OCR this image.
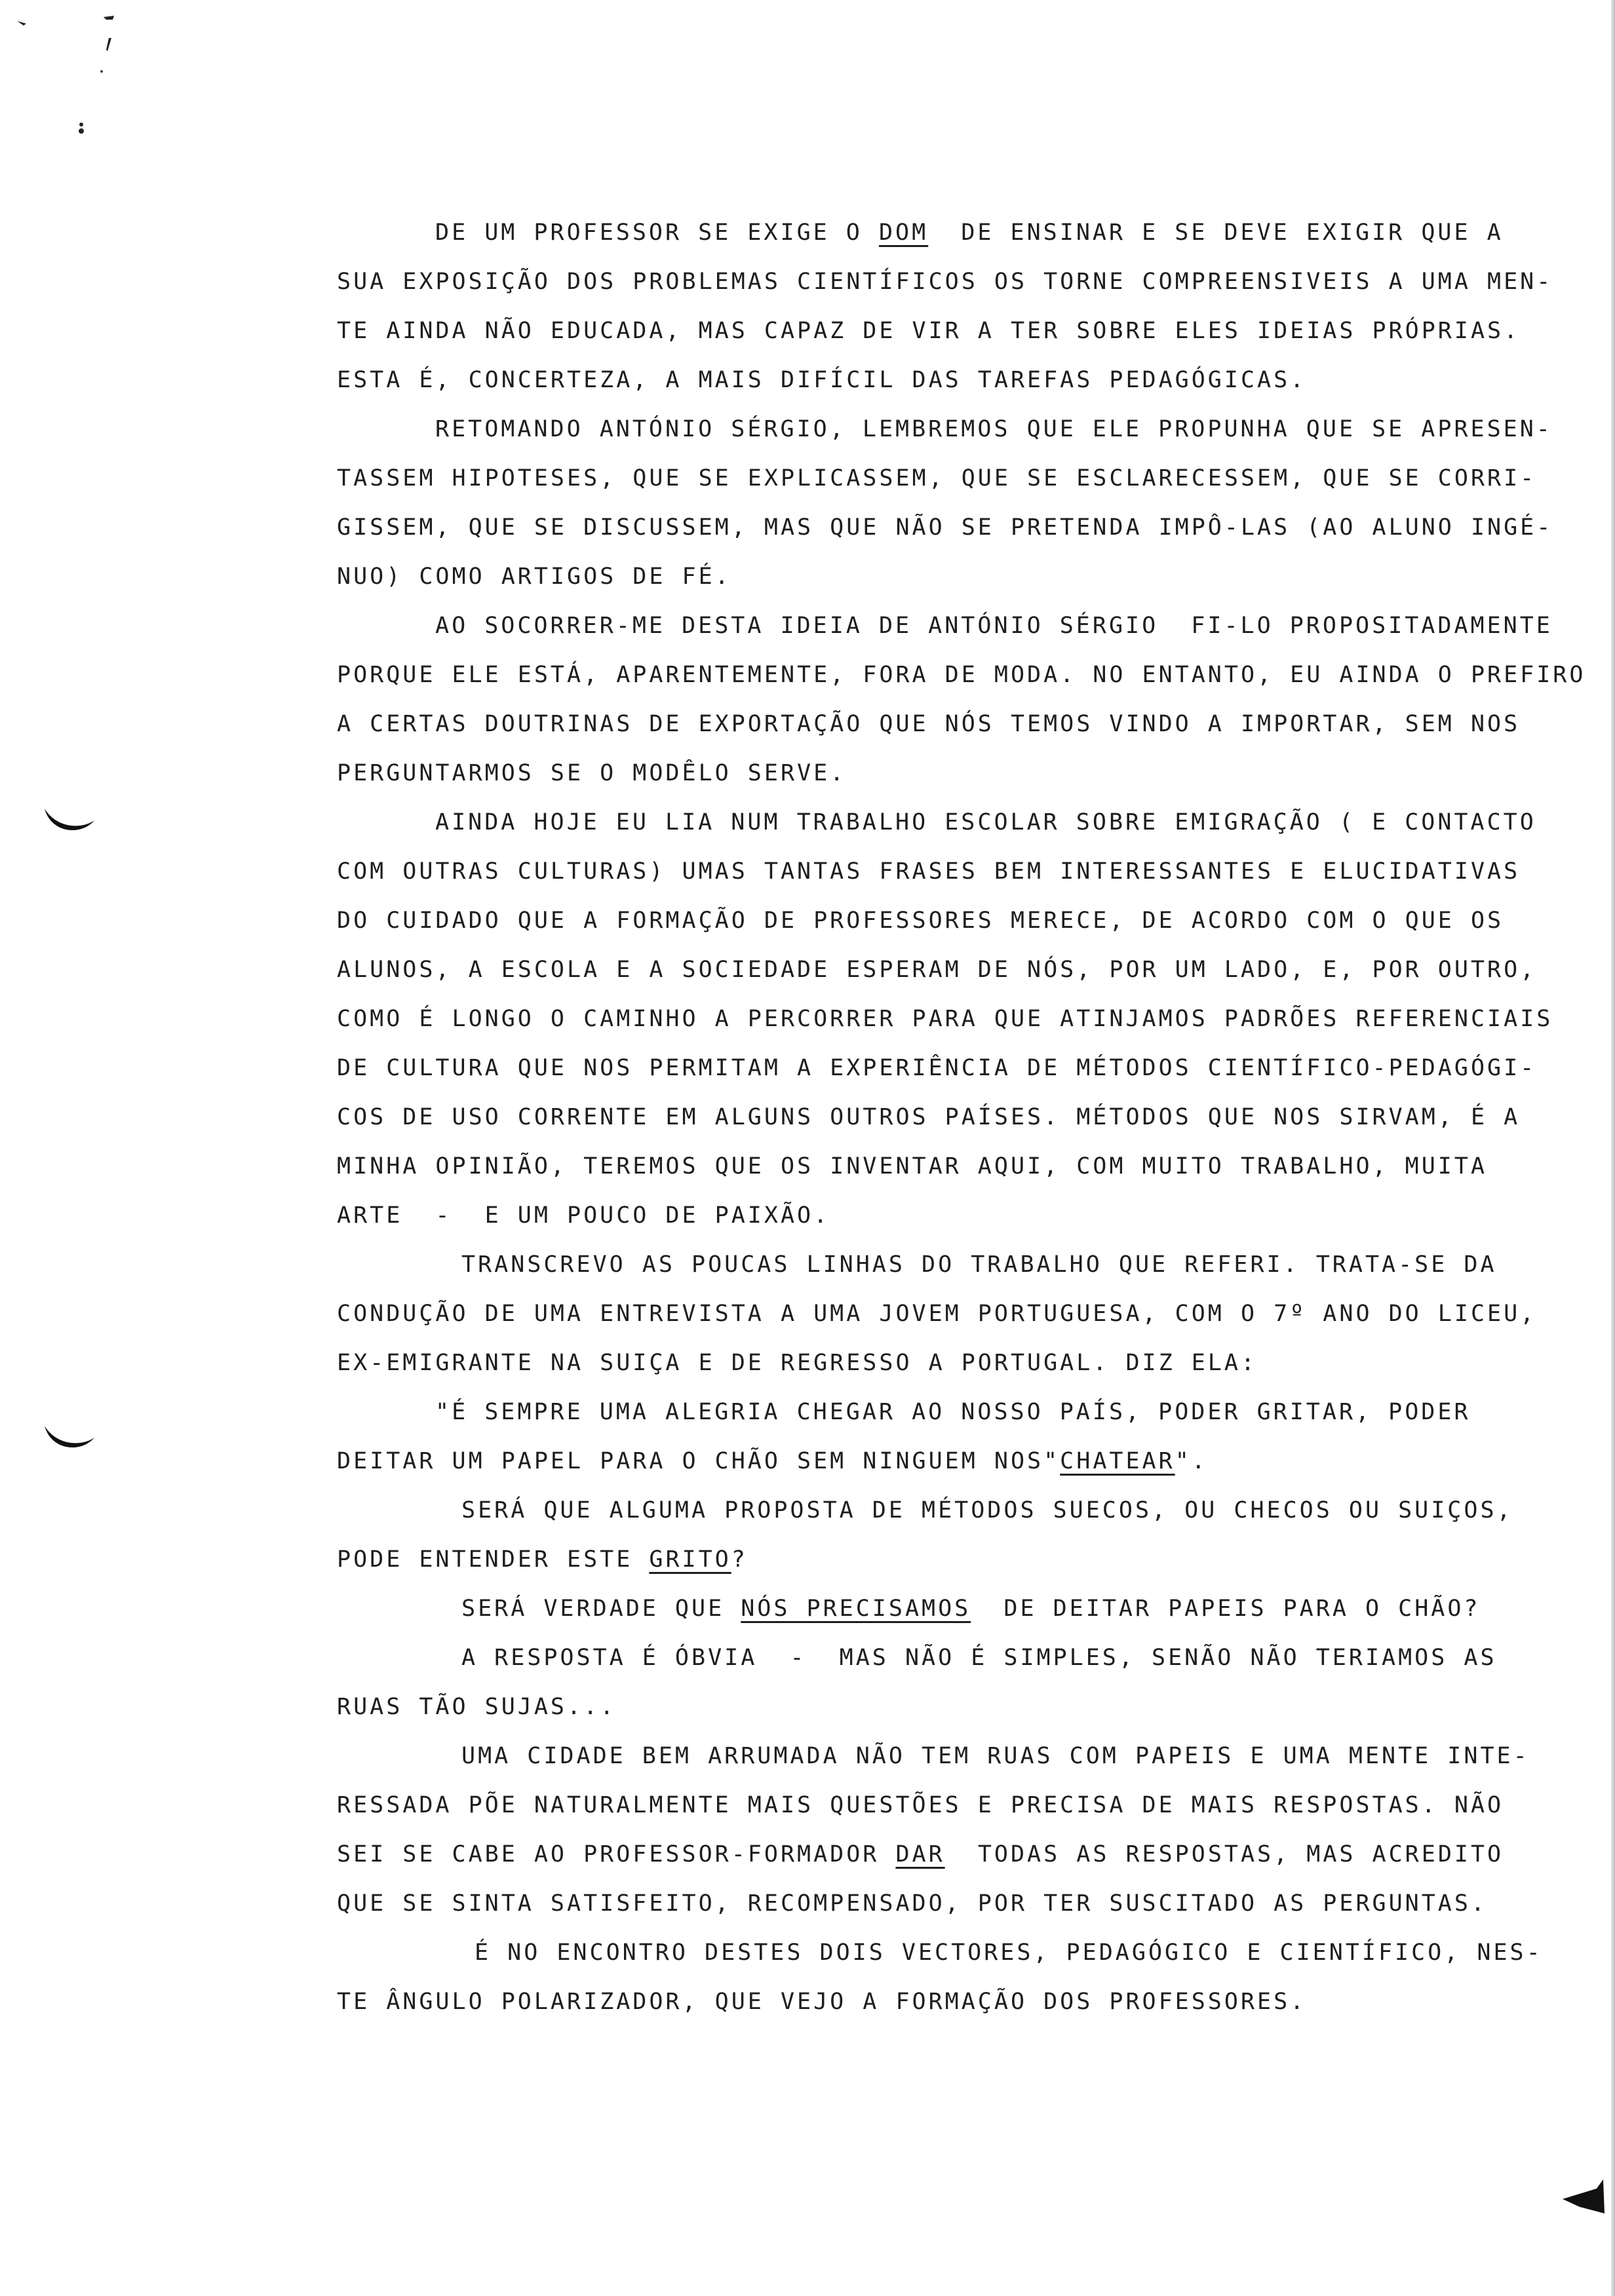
DE UM PROFESSOR SE EXIGE O DOM  DE ENSINAR E SE DEVE EXIGIR QUE A
SUA EXPOSIÇÃO DOS PROBLEMAS CIENTÍFICOS OS TORNE COMPREENSIVEIS A UMA MEN-
TE AINDA NÃO EDUCADA, MAS CAPAZ DE VIR A TER SOBRE ELES IDEIAS PRÓPRIAS.
ESTA É, CONCERTEZA, A MAIS DIFÍCIL DAS TAREFAS PEDAGÓGICAS.
RETOMANDO ANTÓNIO SÉRGIO, LEMBREMOS QUE ELE PROPUNHA QUE SE APRESEN-
TASSEM HIPOTESES, QUE SE EXPLICASSEM, QUE SE ESCLARECESSEM, QUE SE CORRI-
GISSEM, QUE SE DISCUSSEM, MAS QUE NÃO SE PRETENDA IMPÔ-LAS (AO ALUNO INGÉ-
NUO) COMO ARTIGOS DE FÉ.
AO SOCORRER-ME DESTA IDEIA DE ANTÓNIO SÉRGIO  FI-LO PROPOSITADAMENTE
PORQUE ELE ESTÁ, APARENTEMENTE, FORA DE MODA. NO ENTANTO, EU AINDA O PREFIRO
A CERTAS DOUTRINAS DE EXPORTAÇÃO QUE NÓS TEMOS VINDO A IMPORTAR, SEM NOS
PERGUNTARMOS SE O MODÊLO SERVE.
AINDA HOJE EU LIA NUM TRABALHO ESCOLAR SOBRE EMIGRAÇÃO ( E CONTACTO
COM OUTRAS CULTURAS) UMAS TANTAS FRASES BEM INTERESSANTES E ELUCIDATIVAS
DO CUIDADO QUE A FORMAÇÃO DE PROFESSORES MERECE, DE ACORDO COM O QUE OS
ALUNOS, A ESCOLA E A SOCIEDADE ESPERAM DE NÓS, POR UM LADO, E, POR OUTRO,
COMO É LONGO O CAMINHO A PERCORRER PARA QUE ATINJAMOS PADRÕES REFERENCIAIS
DE CULTURA QUE NOS PERMITAM A EXPERIÊNCIA DE MÉTODOS CIENTÍFICO-PEDAGÓGI-
COS DE USO CORRENTE EM ALGUNS OUTROS PAÍSES. MÉTODOS QUE NOS SIRVAM, É A
MINHA OPINIÃO, TEREMOS QUE OS INVENTAR AQUI, COM MUITO TRABALHO, MUITA
ARTE  -  E UM POUCO DE PAIXÃO.
TRANSCREVO AS POUCAS LINHAS DO TRABALHO QUE REFERI. TRATA-SE DA
CONDUÇÃO DE UMA ENTREVISTA A UMA JOVEM PORTUGUESA, COM O 7º ANO DO LICEU,
EX-EMIGRANTE NA SUIÇA E DE REGRESSO A PORTUGAL. DIZ ELA:
"É SEMPRE UMA ALEGRIA CHEGAR AO NOSSO PAÍS, PODER GRITAR, PODER
DEITAR UM PAPEL PARA O CHÃO SEM NINGUEM NOS"CHATEAR".
SERÁ QUE ALGUMA PROPOSTA DE MÉTODOS SUECOS, OU CHECOS OU SUIÇOS,
PODE ENTENDER ESTE GRITO?
SERÁ VERDADE QUE NÓS PRECISAMOS  DE DEITAR PAPEIS PARA O CHÃO?
A RESPOSTA É ÓBVIA  -  MAS NÃO É SIMPLES, SENÃO NÃO TERIAMOS AS
RUAS TÃO SUJAS...
UMA CIDADE BEM ARRUMADA NÃO TEM RUAS COM PAPEIS E UMA MENTE INTE-
RESSADA PÕE NATURALMENTE MAIS QUESTÕES E PRECISA DE MAIS RESPOSTAS. NÃO
SEI SE CABE AO PROFESSOR-FORMADOR DAR  TODAS AS RESPOSTAS, MAS ACREDITO
QUE SE SINTA SATISFEITO, RECOMPENSADO, POR TER SUSCITADO AS PERGUNTAS.
É NO ENCONTRO DESTES DOIS VECTORES, PEDAGÓGICO E CIENTÍFICO, NES-
TE ÂNGULO POLARIZADOR, QUE VEJO A FORMAÇÃO DOS PROFESSORES.
